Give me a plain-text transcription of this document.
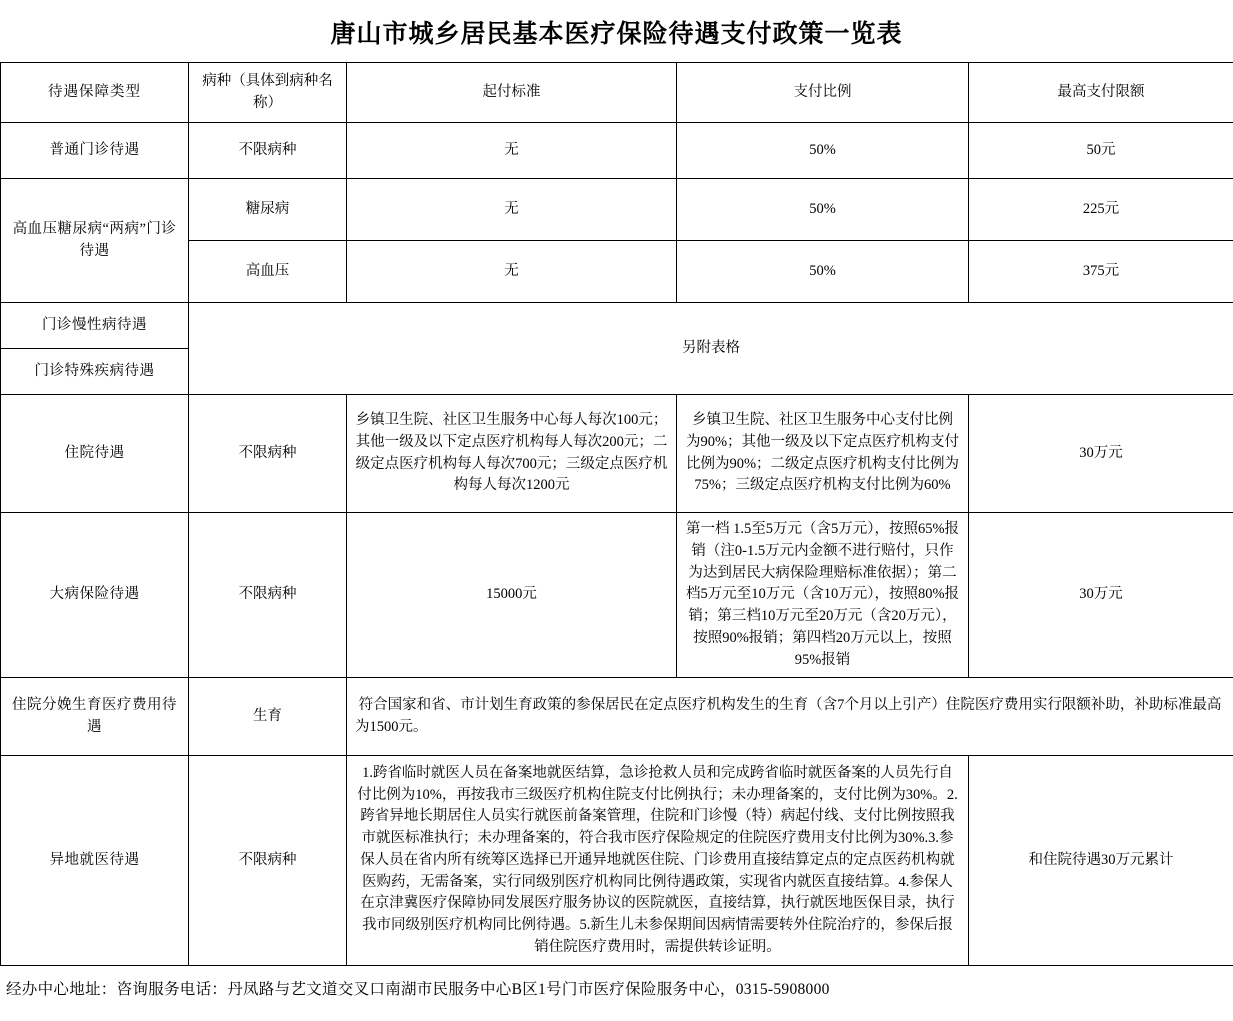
唐山市城乡居民基本医疗保险待遇支付政策一览表
待遇保障类型	病种（具体到病种名称）	起付标准	支付比例	最高支付限额
普通门诊待遇	不限病种	无	50%	50元
高血压糖尿病“两病”门诊待遇	糖尿病	无	50%	225元
	高血压	无	50%	375元
门诊慢性病待遇	另附表格			
门诊特殊疾病待遇				
住院待遇	不限病种	乡镇卫生院、社区卫生服务中心每人每次100元；其他一级及以下定点医疗机构每人每次200元；二级定点医疗机构每人每次700元；三级定点医疗机构每人每次1200元	乡镇卫生院、社区卫生服务中心支付比例为90%；其他一级及以下定点医疗机构支付比例为90%；二级定点医疗机构支付比例为75%；三级定点医疗机构支付比例为60%	30万元
大病保险待遇	不限病种	15000元	第一档 1.5至5万元（含5万元），按照65%报销（注0-1.5万元内金额不进行赔付，只作为达到居民大病保险理赔标准依据）；第二档5万元至10万元（含10万元），按照80%报销；第三档10万元至20万元（含20万元），按照90%报销；第四档20万元以上，按照95%报销	30万元
住院分娩生育医疗费用待遇	生育	符合国家和省、市计划生育政策的参保居民在定点医疗机构发生的生育（含7个月以上引产）住院医疗费用实行限额补助，补助标准最高为1500元。		
异地就医待遇	不限病种	1.跨省临时就医人员在备案地就医结算，急诊抢救人员和完成跨省临时就医备案的人员先行自付比例为10%，再按我市三级医疗机构住院支付比例执行；未办理备案的，支付比例为30%。2.跨省异地长期居住人员实行就医前备案管理，住院和门诊慢（特）病起付线、支付比例按照我市就医标准执行；未办理备案的，符合我市医疗保险规定的住院医疗费用支付比例为30%.3.参保人员在省内所有统筹区选择已开通异地就医住院、门诊费用直接结算定点的定点医药机构就医购药，无需备案，实行同级别医疗机构同比例待遇政策，实现省内就医直接结算。4.参保人在京津冀医疗保障协同发展医疗服务协议的医院就医，直接结算，执行就医地医保目录，执行我市同级别医疗机构同比例待遇。5.新生儿未参保期间因病情需要转外住院治疗的，参保后报销住院医疗费用时，需提供转诊证明。		和住院待遇30万元累计
经办中心地址：咨询服务电话：丹凤路与艺文道交叉口南湖市民服务中心B区1号门市医疗保险服务中心，0315-5908000
